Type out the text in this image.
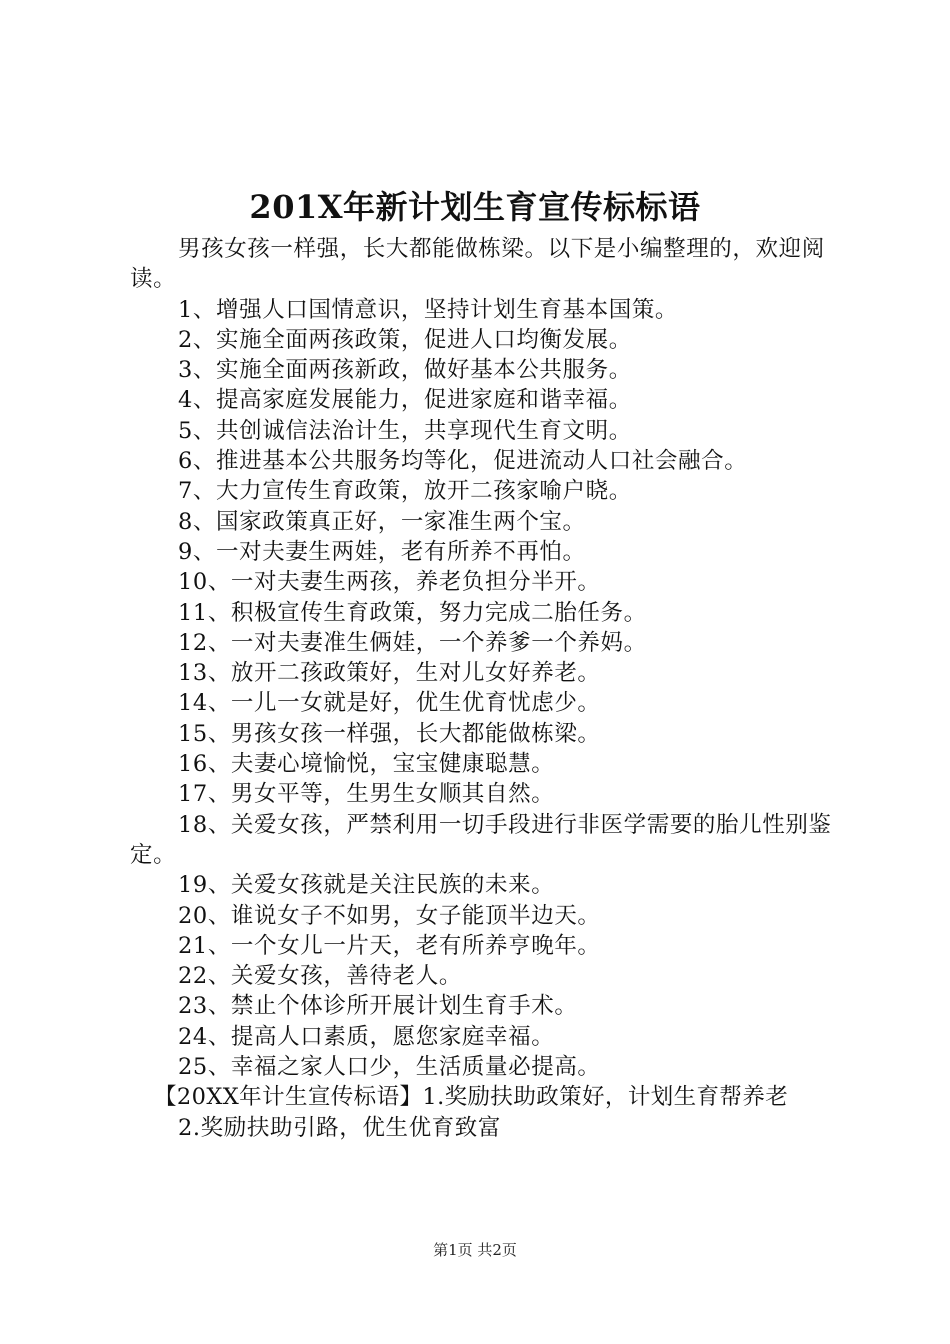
201X年新计划生育宣传标标语

男孩女孩一样强，长大都能做栋梁。以下是小编整理的，欢迎阅读。

1、增强人口国情意识，坚持计划生育基本国策。

2、实施全面两孩政策，促进人口均衡发展。

3、实施全面两孩新政，做好基本公共服务。

4、提高家庭发展能力，促进家庭和谐幸福。

5、共创诚信法治计生，共享现代生育文明。

6、推进基本公共服务均等化，促进流动人口社会融合。

7、大力宣传生育政策，放开二孩家喻户晓。

8、国家政策真正好，一家准生两个宝。

9、一对夫妻生两娃，老有所养不再怕。

10、一对夫妻生两孩，养老负担分半开。

11、积极宣传生育政策，努力完成二胎任务。

12、一对夫妻准生俩娃，一个养爹一个养妈。

13、放开二孩政策好，生对儿女好养老。

14、一儿一女就是好，优生优育忧虑少。

15、男孩女孩一样强，长大都能做栋梁。

16、夫妻心境愉悦，宝宝健康聪慧。

17、男女平等，生男生女顺其自然。

18、关爱女孩，严禁利用一切手段进行非医学需要的胎儿性别鉴定。

19、关爱女孩就是关注民族的未来。

20、谁说女子不如男，女子能顶半边天。

21、一个女儿一片天，老有所养亨晚年。

22、关爱女孩，善待老人。

23、禁止个体诊所开展计划生育手术。

24、提高人口素质，愿您家庭幸福。

25、幸福之家人口少，生活质量必提高。

【20XX年计生宣传标语】1.奖励扶助政策好，计划生育帮养老

2.奖励扶助引路，优生优育致富

第1页 共2页
